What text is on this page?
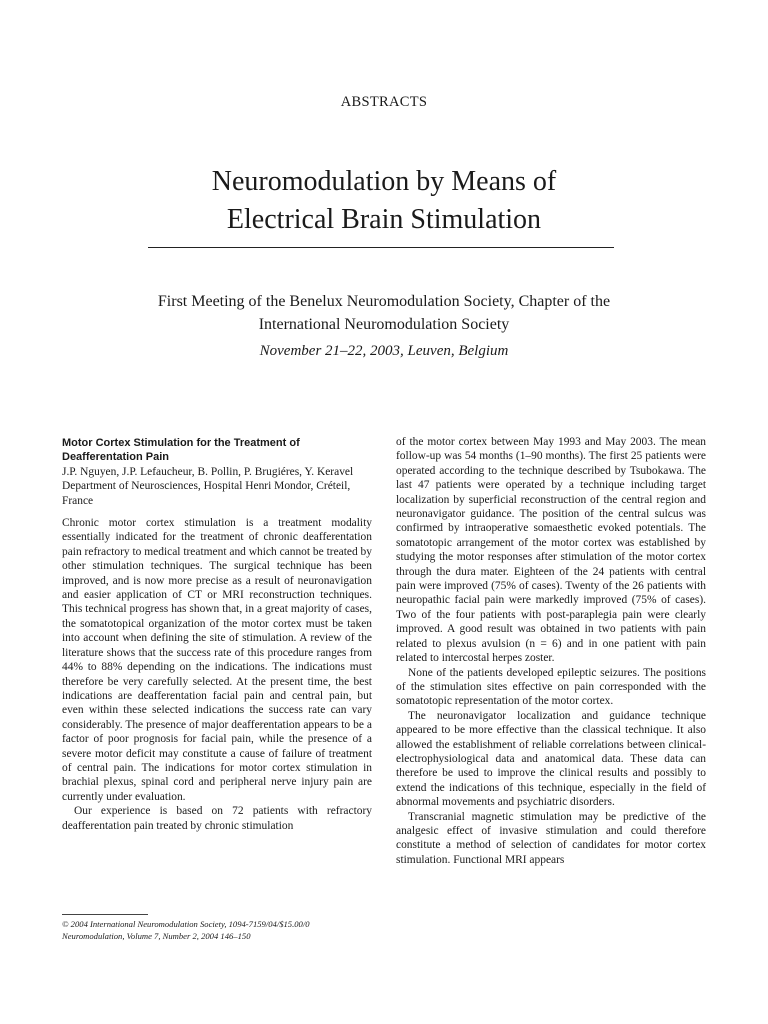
ABSTRACTS
Neuromodulation by Means of
Electrical Brain Stimulation
First Meeting of the Benelux Neuromodulation Society, Chapter of the
International Neuromodulation Society
November 21–22, 2003, Leuven, Belgium

Motor Cortex Stimulation for the Treatment of Deafferentation Pain

J.P. Nguyen, J.P. Lefaucheur, B. Pollin, P. Brugiéres, Y. Keravel

Department of Neurosciences, Hospital Henri Mondor, Créteil, France

Chronic motor cortex stimulation is a treatment modality essentially indicated for the treatment of chronic deafferentation pain refractory to medical treatment and which cannot be treated by other stimulation techniques. The surgical technique has been improved, and is now more precise as a result of neuronavigation and easier application of CT or MRI reconstruction techniques. This technical progress has shown that, in a great majority of cases, the somatotopical organization of the motor cortex must be taken into account when defining the site of stimulation. A review of the literature shows that the success rate of this procedure ranges from 44% to 88% depending on the indications. The indications must therefore be very carefully selected. At the present time, the best indications are deafferentation facial pain and central pain, but even within these selected indications the success rate can vary considerably. The presence of major deafferentation appears to be a factor of poor prognosis for facial pain, while the presence of a severe motor deficit may constitute a cause of failure of treatment of central pain. The indications for motor cortex stimulation in brachial plexus, spinal cord and peripheral nerve injury pain are currently under evaluation.

Our experience is based on 72 patients with refractory deafferentation pain treated by chronic stimulation

of the motor cortex between May 1993 and May 2003. The mean follow-up was 54 months (1–90 months). The first 25 patients were operated according to the technique described by Tsubokawa. The last 47 patients were operated by a technique including target localization by superficial reconstruction of the central region and neuronavigator guidance. The position of the central sulcus was confirmed by intraoperative somaesthetic evoked potentials. The somatotopic arrangement of the motor cortex was established by studying the motor responses after stimulation of the motor cortex through the dura mater. Eighteen of the 24 patients with central pain were improved (75% of cases). Twenty of the 26 patients with neuropathic facial pain were markedly improved (75% of cases). Two of the four patients with post-paraplegia pain were clearly improved. A good result was obtained in two patients with pain related to plexus avulsion (n = 6) and in one patient with pain related to intercostal herpes zoster.

None of the patients developed epileptic seizures. The positions of the stimulation sites effective on pain corresponded with the somatotopic representation of the motor cortex.

The neuronavigator localization and guidance technique appeared to be more effective than the classical technique. It also allowed the establishment of reliable correlations between clinical-electrophysiological data and anatomical data. These data can therefore be used to improve the clinical results and possibly to extend the indications of this technique, especially in the field of abnormal movements and psychiatric disorders.

Transcranial magnetic stimulation may be predictive of the analgesic effect of invasive stimulation and could therefore constitute a method of selection of candidates for motor cortex stimulation. Functional MRI appears

© 2004 International Neuromodulation Society, 1094-7159/04/$15.00/0
Neuromodulation, Volume 7, Number 2, 2004 146–150
